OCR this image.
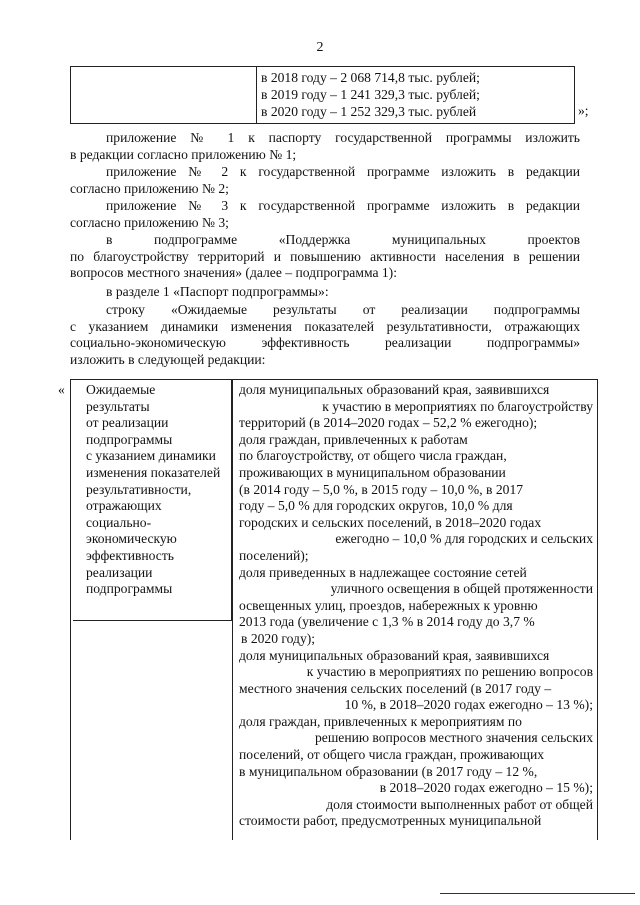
2
в 2018 году – 2 068 714,8 тыс. рублей;
в 2019 году – 1 241 329,3 тыс. рублей;
в 2020 году – 1 252 329,3 тыс. рублей	»;
приложение № 1 к паспорту государственной программы изложить
в редакции согласно приложению № 1;
приложение № 2 к государственной программе изложить в редакции
согласно приложению № 2;
приложение № 3 к государственной программе изложить в редакции
согласно приложению № 3;
в подпрограмме «Поддержка муниципальных проектов
по благоустройству территорий и повышению активности населения в решении
вопросов местного значения» (далее – подпрограмма 1):
в разделе 1 «Паспорт подпрограммы»:
строку «Ожидаемые результаты от реализации подпрограммы
с указанием динамики изменения показателей результативности, отражающих
социально-экономическую эффективность реализации подпрограммы»
изложить в следующей редакции:
« Ожидаемые
результаты
от реализации
подпрограммы
с указанием динамики
изменения показателей
результативности,
отражающих
социально-
экономическую
эффективность
реализации
подпрограммы
доля муниципальных образований края, заявившихся
к участию в мероприятиях по благоустройству
территорий (в 2014–2020 годах – 52,2 % ежегодно);
доля граждан, привлеченных к работам
по благоустройству, от общего числа граждан,
проживающих в муниципальном образовании
(в 2014 году – 5,0 %, в 2015 году – 10,0 %, в 2017
году – 5,0 % для городских округов, 10,0 % для
городских и сельских поселений, в 2018–2020 годах
ежегодно – 10,0 % для городских и сельских
поселений);
доля приведенных в надлежащее состояние сетей
уличного освещения в общей протяженности
освещенных улиц, проездов, набережных к уровню
2013 года (увеличение с 1,3 % в 2014 году до 3,7 %
в 2020 году);
доля муниципальных образований края, заявившихся
к участию в мероприятиях по решению вопросов
местного значения сельских поселений (в 2017 году –
10 %, в 2018–2020 годах ежегодно – 13 %);
доля граждан, привлеченных к мероприятиям по
решению вопросов местного значения сельских
поселений, от общего числа граждан, проживающих
в муниципальном образовании (в 2017 году – 12 %,
в 2018–2020 годах ежегодно – 15 %);
доля стоимости выполненных работ от общей
стоимости работ, предусмотренных муниципальной
